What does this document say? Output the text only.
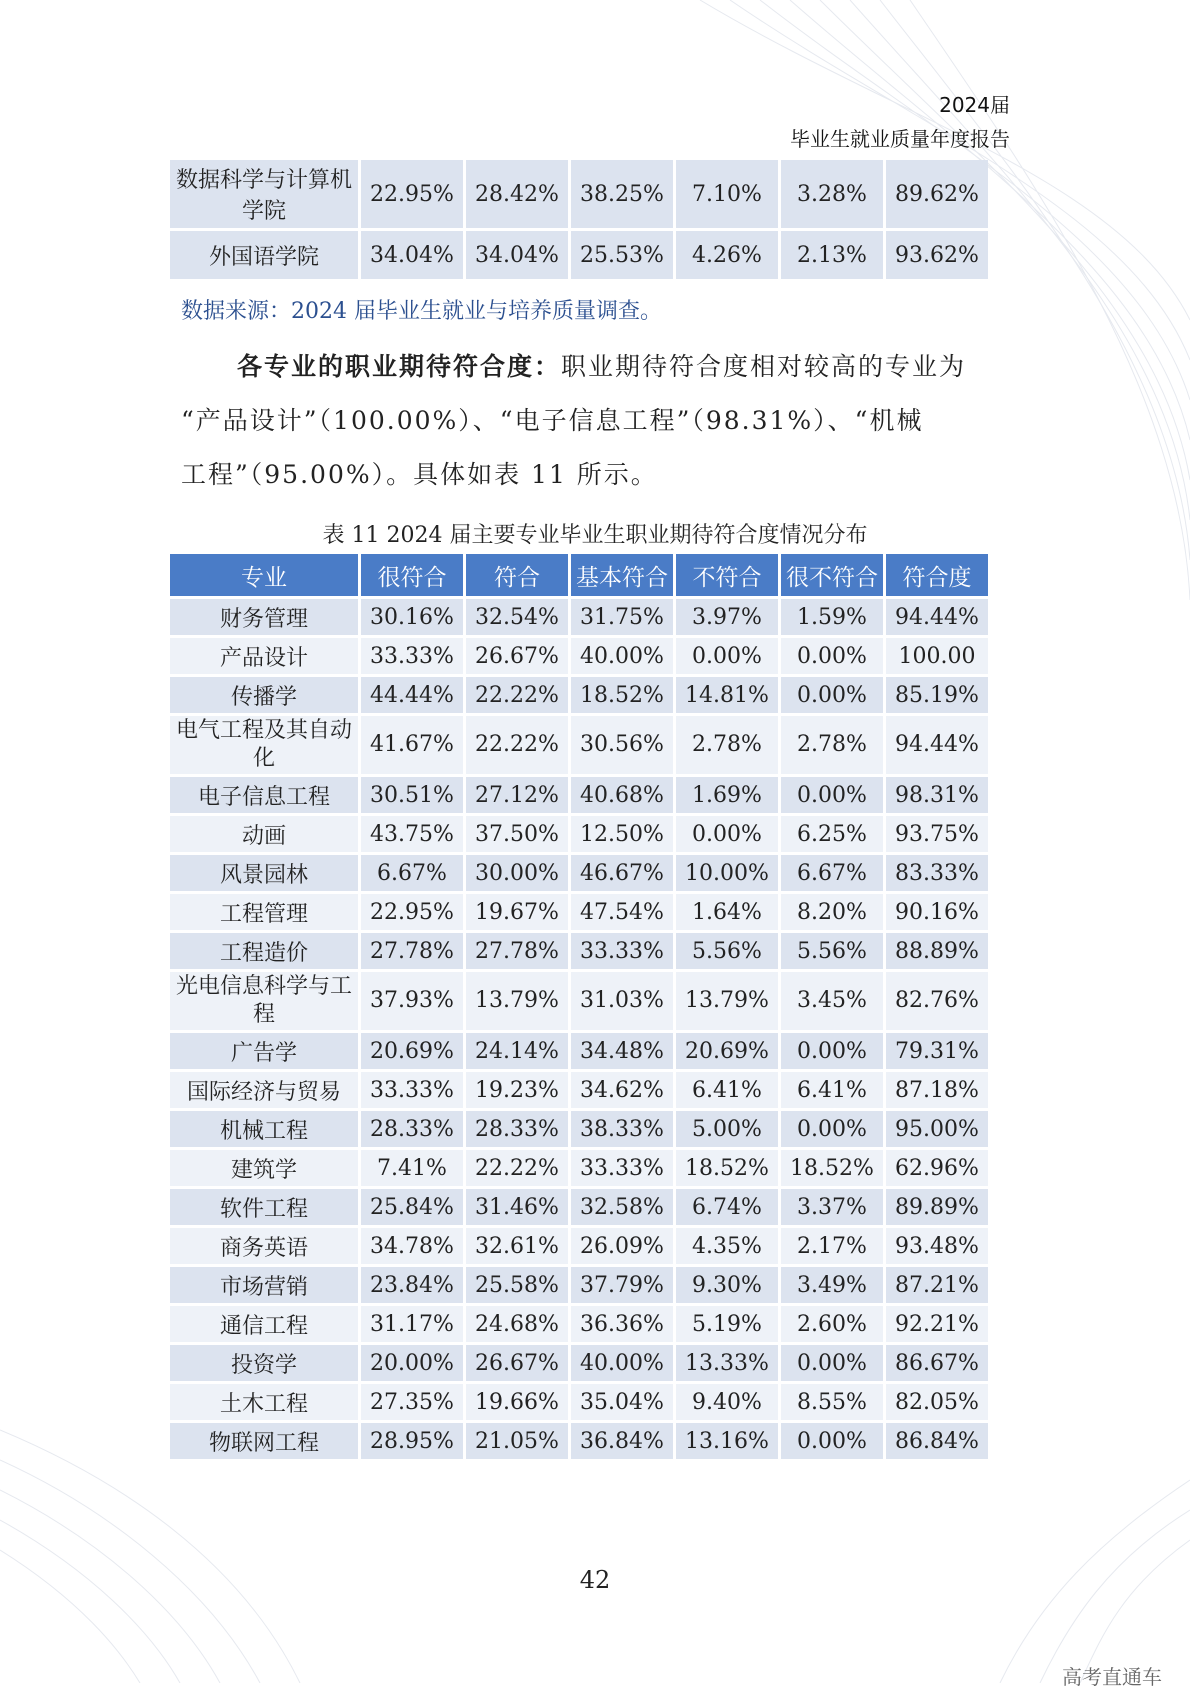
2024届
毕业生就业质量年度报告
数据科学与计算机学院	22.95%	28.42%	38.25%	7.10%	3.28%	89.62%
外国语学院	34.04%	34.04%	25.53%	4.26%	2.13%	93.62%
数据来源：2024 届毕业生就业与培养质量调查。

各专业的职业期待符合度：职业期待符合度相对较高的专业为

“产品设计”（100.00%）、“电子信息工程”（98.31%）、“机械

工程”（95.00%）。具体如表 11 所示。

表 11 2024 届主要专业毕业生职业期待符合度情况分布
专业	很符合	符合	基本符合	不符合	很不符合	符合度
财务管理	30.16%	32.54%	31.75%	3.97%	1.59%	94.44%
产品设计	33.33%	26.67%	40.00%	0.00%	0.00%	100.00
传播学	44.44%	22.22%	18.52%	14.81%	0.00%	85.19%
电气工程及其自动化	41.67%	22.22%	30.56%	2.78%	2.78%	94.44%
电子信息工程	30.51%	27.12%	40.68%	1.69%	0.00%	98.31%
动画	43.75%	37.50%	12.50%	0.00%	6.25%	93.75%
风景园林	6.67%	30.00%	46.67%	10.00%	6.67%	83.33%
工程管理	22.95%	19.67%	47.54%	1.64%	8.20%	90.16%
工程造价	27.78%	27.78%	33.33%	5.56%	5.56%	88.89%
光电信息科学与工程	37.93%	13.79%	31.03%	13.79%	3.45%	82.76%
广告学	20.69%	24.14%	34.48%	20.69%	0.00%	79.31%
国际经济与贸易	33.33%	19.23%	34.62%	6.41%	6.41%	87.18%
机械工程	28.33%	28.33%	38.33%	5.00%	0.00%	95.00%
建筑学	7.41%	22.22%	33.33%	18.52%	18.52%	62.96%
软件工程	25.84%	31.46%	32.58%	6.74%	3.37%	89.89%
商务英语	34.78%	32.61%	26.09%	4.35%	2.17%	93.48%
市场营销	23.84%	25.58%	37.79%	9.30%	3.49%	87.21%
通信工程	31.17%	24.68%	36.36%	5.19%	2.60%	92.21%
投资学	20.00%	26.67%	40.00%	13.33%	0.00%	86.67%
土木工程	27.35%	19.66%	35.04%	9.40%	8.55%	82.05%
物联网工程	28.95%	21.05%	36.84%	13.16%	0.00%	86.84%
42
高考直通车
